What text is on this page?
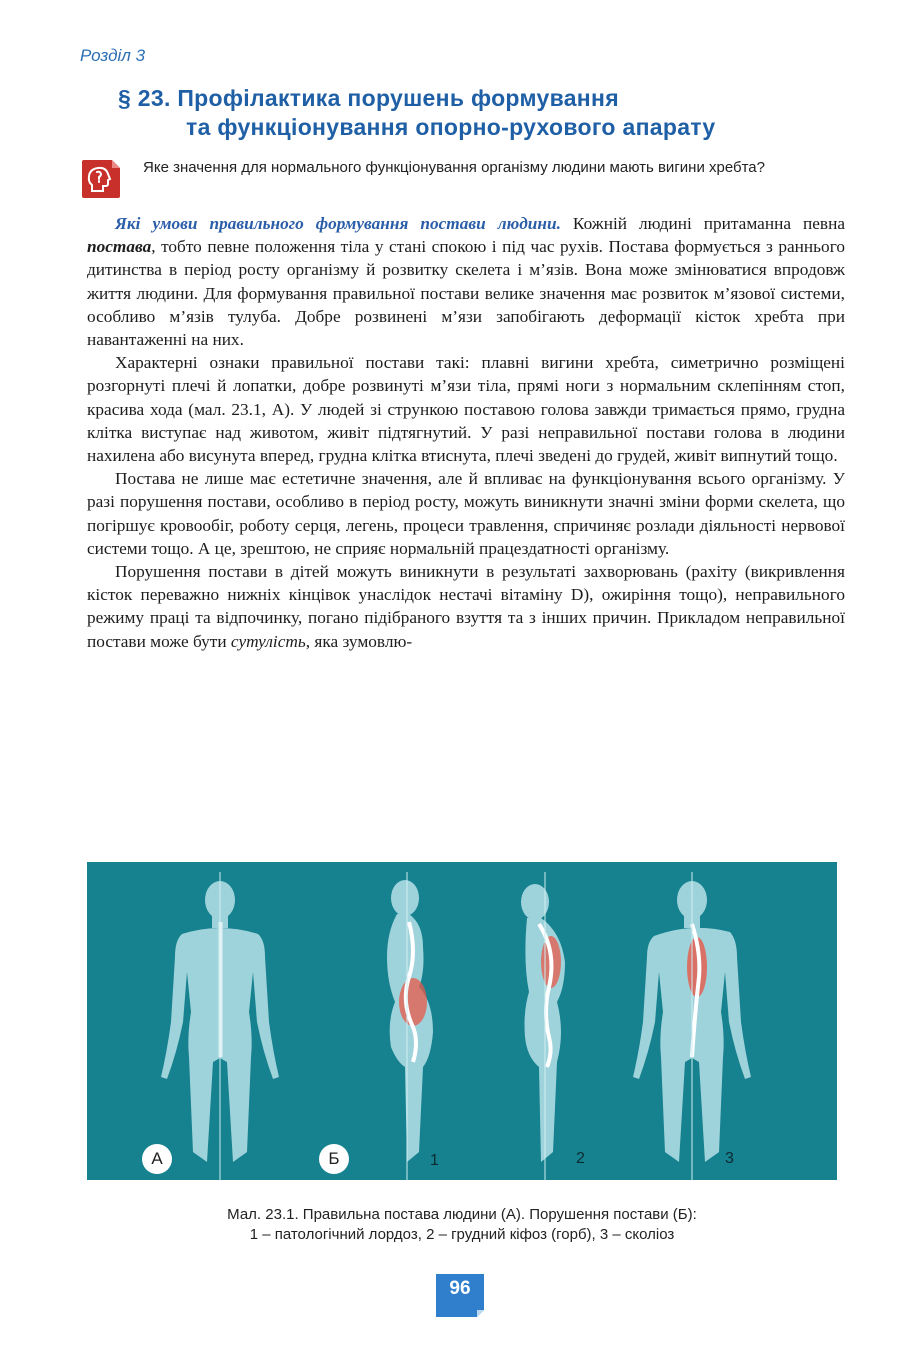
Розділ 3
§ 23. Профілактика порушень формування
та функціонування опорно-рухового апарату
Яке значення для нормального функціонування організму людини мають вигини хребта?

Які умови правильного формування постави людини. Кожній людині притаманна певна постава, тобто певне положення тіла у стані спокою і під час рухів. Постава формується з раннього дитинства в період росту організму й розвитку скелета і м’язів. Вона може змінюватися впродовж життя людини. Для формування правильної постави велике значення має розвиток м’язової системи, особливо м’язів тулуба. Добре розвинені м’язи запобігають деформації кісток хребта при навантаженні на них.

Характерні ознаки правильної постави такі: плавні вигини хребта, симетрично розміщені розгорнуті плечі й лопатки, добре розвинуті м’язи тіла, прямі ноги з нормальним склепінням стоп, красива хода (мал. 23.1, А). У людей зі стрункою поставою голова завжди тримається прямо, грудна клітка виступає над животом, живіт підтягнутий. У разі неправильної постави голова в людини нахилена або висунута вперед, грудна клітка втиснута, плечі зведені до грудей, живіт випнутий тощо.

Постава не лише має естетичне значення, але й впливає на функціонування всього організму. У разі порушення постави, особливо в період росту, можуть виникнути значні зміни форми скелета, що погіршує кровообіг, роботу серця, легень, процеси травлення, спричиняє розлади діяльності нервової системи тощо. А це, зрештою, не сприяє нормальній працездатності організму.

Порушення постави в дітей можуть виникнути в результаті захворювань (рахіту (викривлення кісток переважно нижніх кінцівок унаслідок нестачі вітаміну D), ожиріння тощо), неправильного режиму праці та відпочинку, погано підібраного взуття та з інших причин. Прикладом неправильної постави може бути сутулість, яка зумовлю-

А	Б	1	2	3
Мал. 23.1. Правильна постава людини (А). Порушення постави (Б):
1 – патологічний лордоз, 2 – грудний кіфоз (горб), 3 – сколіоз
96
